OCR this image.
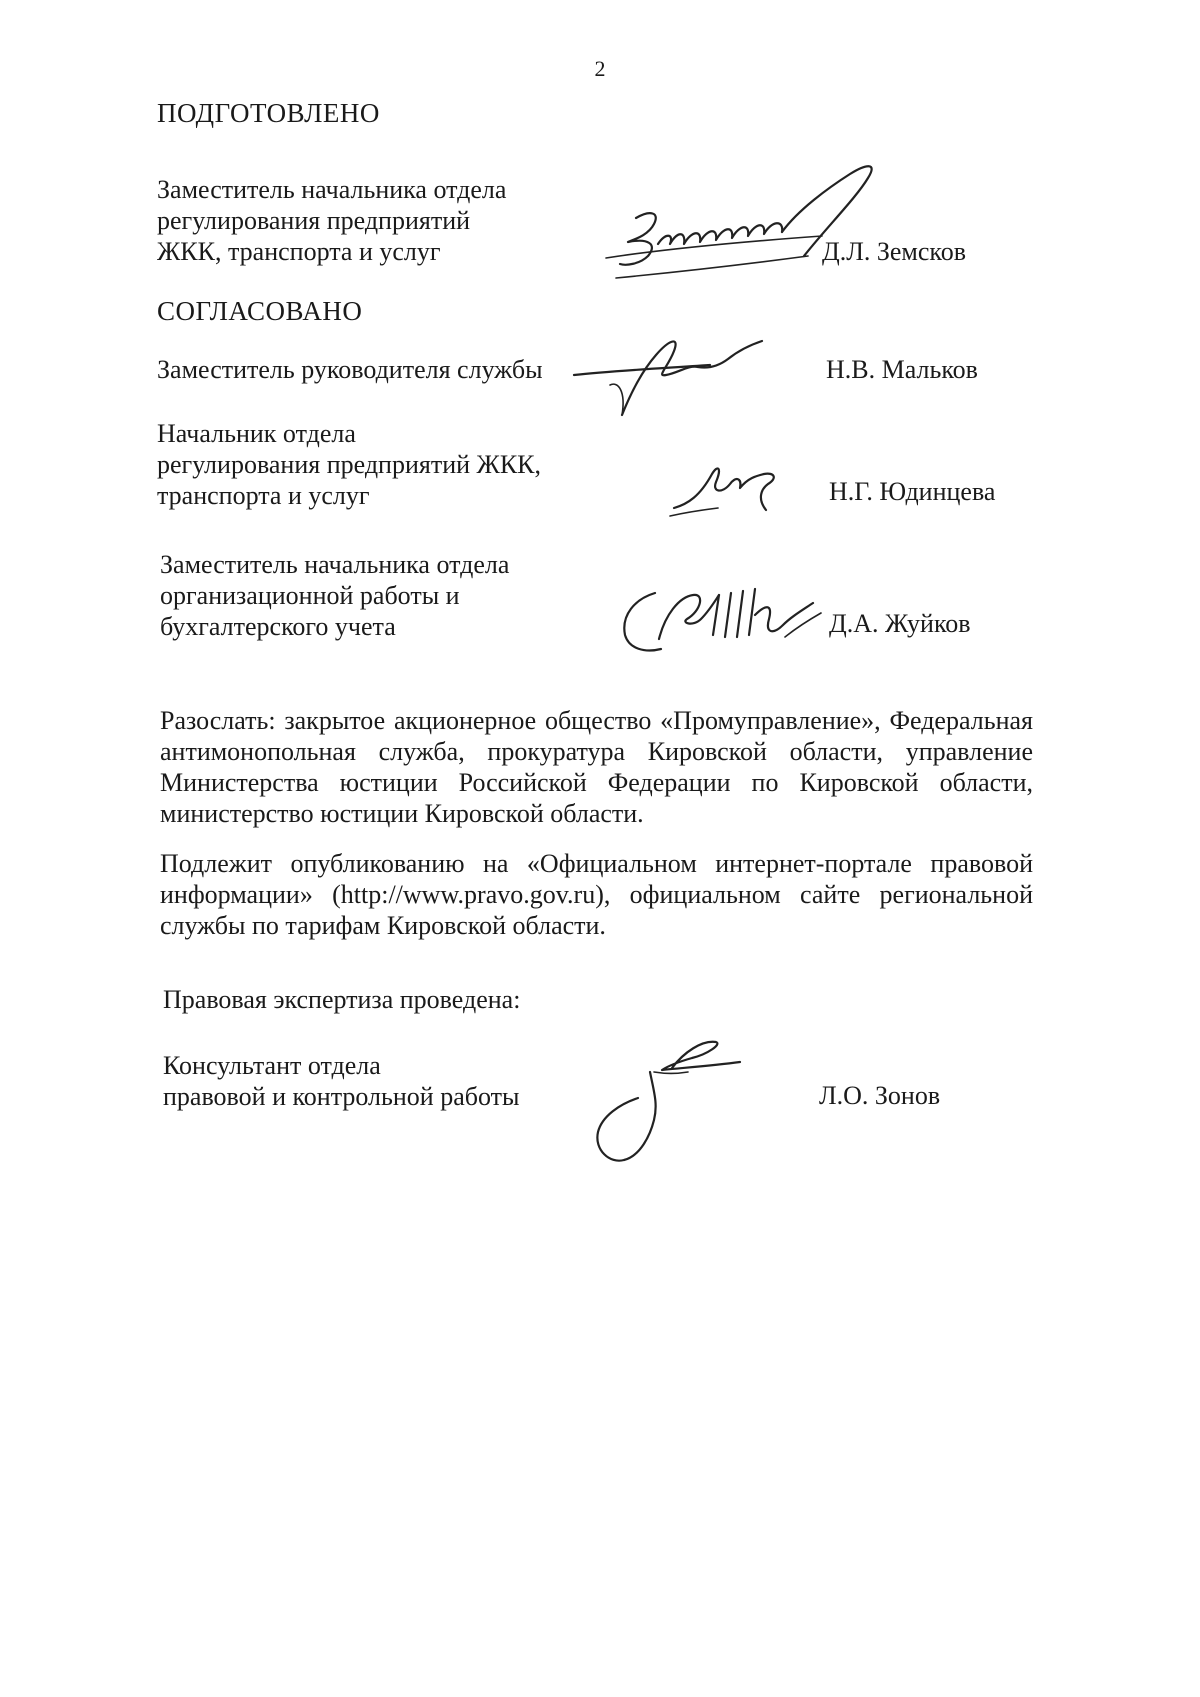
2
ПОДГОТОВЛЕНО
Заместитель начальника отдела
регулирования предприятий
ЖКК, транспорта и услуг	Д.Л. Земсков
СОГЛАСОВАНО
Заместитель руководителя службы	Н.В. Мальков
Начальник отдела
регулирования предприятий ЖКК,
транспорта и услуг	Н.Г. Юдинцева
Заместитель начальника отдела
организационной работы и
бухгалтерского учета	Д.А. Жуйков
Разослать: закрытое акционерное общество «Промуправление», Федеральная антимонопольная служба, прокуратура Кировской области, управление Министерства юстиции Российской Федерации по Кировской области, министерство юстиции Кировской области.
Подлежит опубликованию на «Официальном интернет-портале правовой информации» (http://www.pravo.gov.ru), официальном сайте региональной службы по тарифам Кировской области.
Правовая экспертиза проведена:
Консультант отдела
правовой и контрольной работы	Л.О. Зонов
